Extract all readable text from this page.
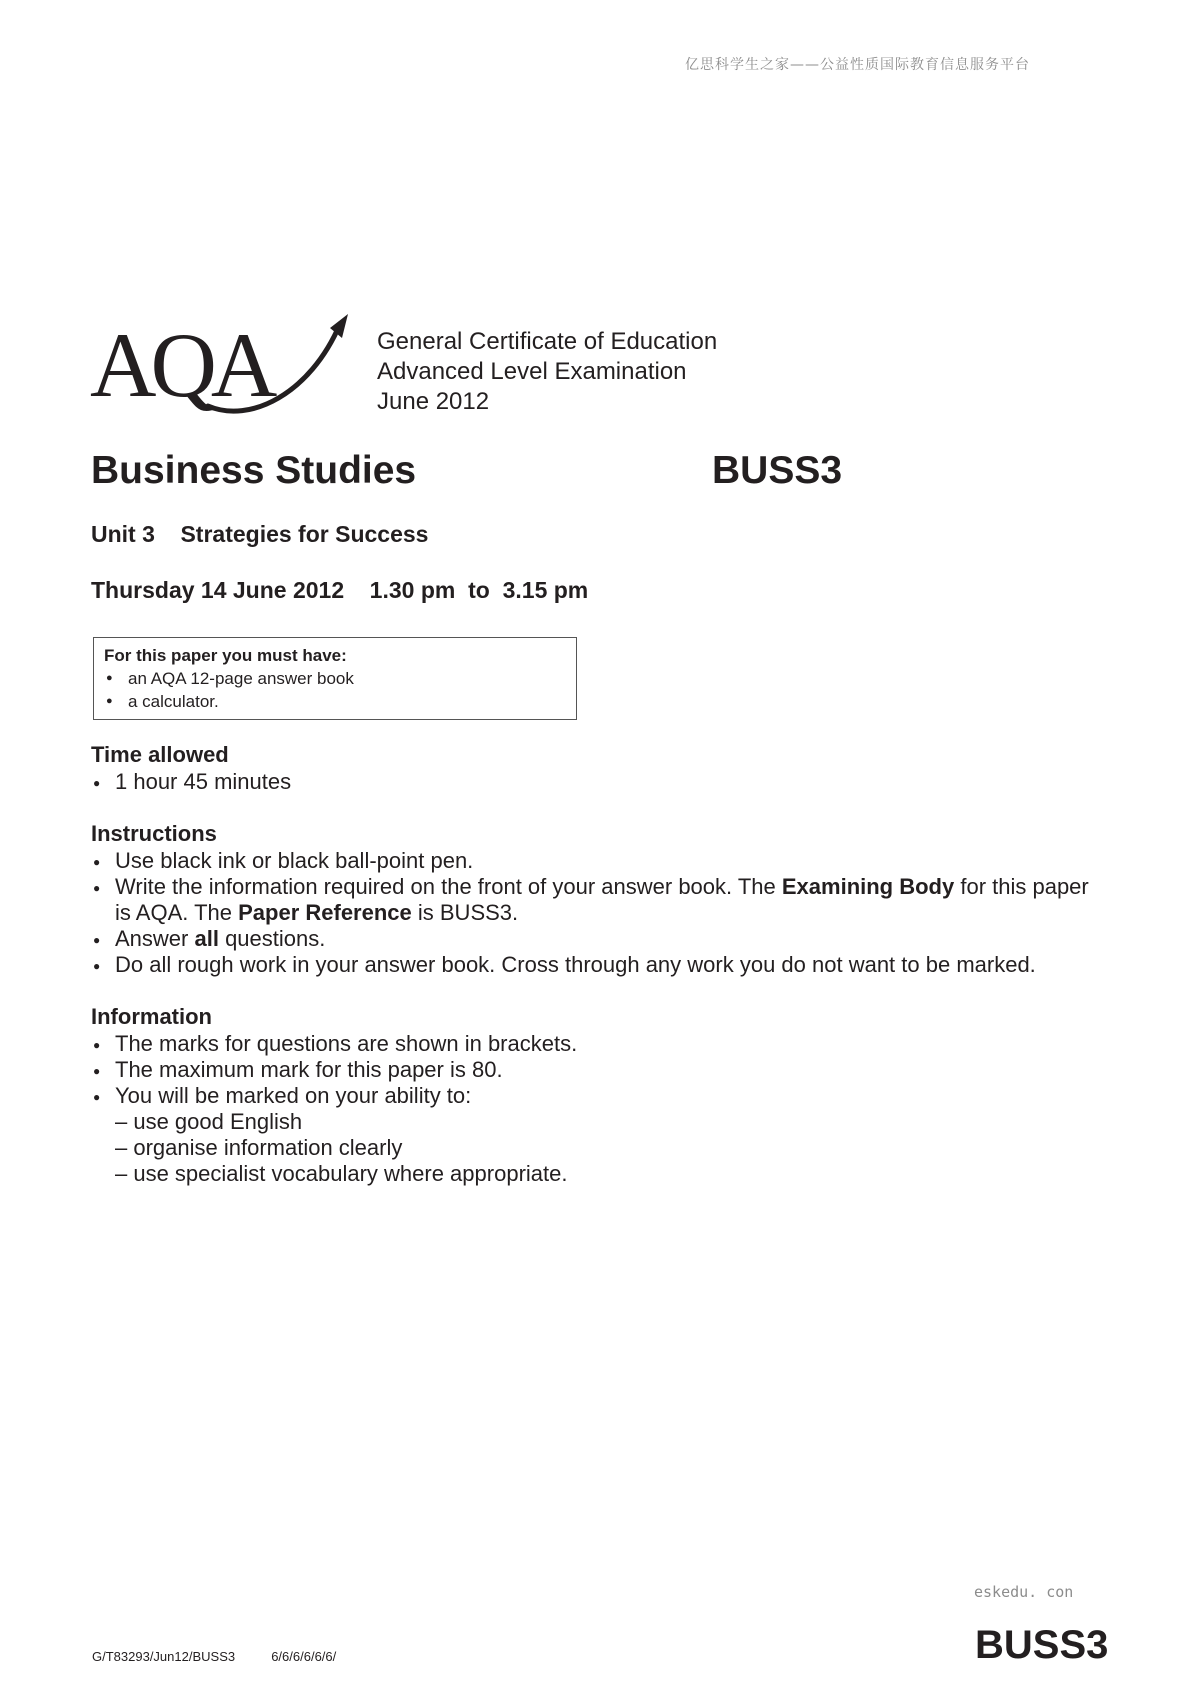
亿思科学生之家——公益性质国际教育信息服务平台
AQA	General Certificate of Education
Advanced Level Examination
June 2012
Business Studies	BUSS3
Unit 3    Strategies for Success
Thursday 14 June 2012    1.30 pm  to  3.15 pm
For this paper you must have:
● an AQA 12-page answer book
● a calculator.
Time allowed
● 1 hour 45 minutes
Instructions
● Use black ink or black ball-point pen.
● Write the information required on the front of your answer book. The Examining Body for this paper is AQA. The Paper Reference is BUSS3.
● Answer all questions.
● Do all rough work in your answer book. Cross through any work you do not want to be marked.
Information
● The marks for questions are shown in brackets.
● The maximum mark for this paper is 80.
● You will be marked on your ability to:
– use good English
– organise information clearly
– use specialist vocabulary where appropriate.
eskedu. con
G/T83293/Jun12/BUSS3          6/6/6/6/6/6/	BUSS3
